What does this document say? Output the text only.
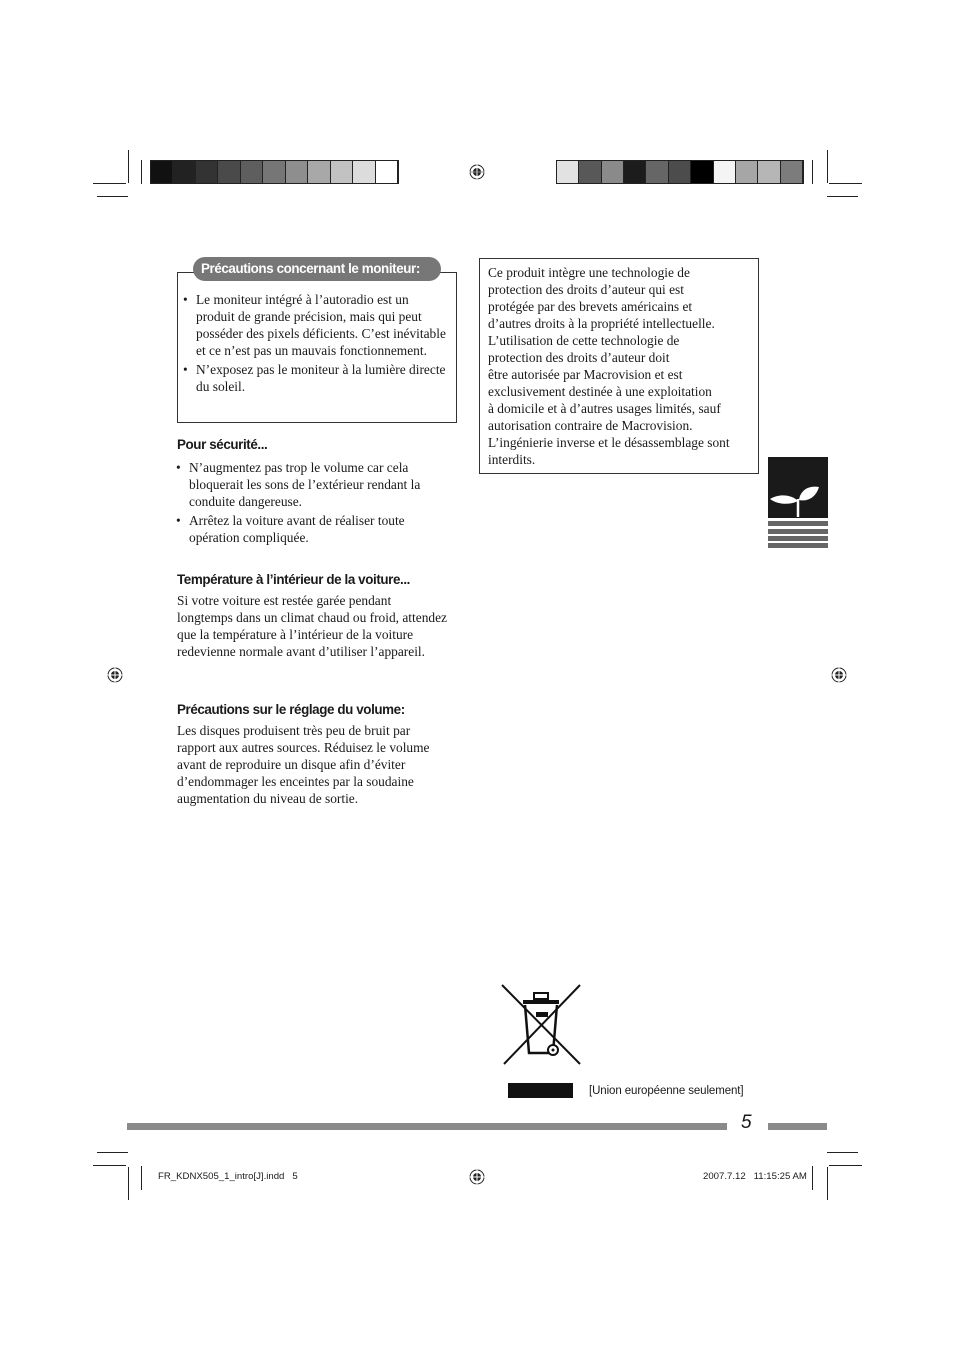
• Le moniteur intégré à l’autoradio est un produit de grande précision, mais qui peut posséder des pixels déficients. C’est inévitable et ce n’est pas un mauvais fonctionnement.
• N’exposez pas le moniteur à la lumière directe du soleil.
Précautions concernant le moniteur:
Pour sécurité...
• N’augmentez pas trop le volume car cela bloquerait les sons de l’extérieur rendant la conduite dangereuse.
• Arrêtez la voiture avant de réaliser toute opération compliquée.
Température à l’intérieur de la voiture...
Si votre voiture est restée garée pendant longtemps dans un climat chaud ou froid, attendez que la température à l’intérieur de la voiture redevienne normale avant d’utiliser l’appareil.
Précautions sur le réglage du volume:
Les disques produisent très peu de bruit par rapport aux autres sources. Réduisez le volume avant de reproduire un disque afin d’éviter d’endommager les enceintes par la soudaine augmentation du niveau de sortie.
Ce produit intègre une technologie de
protection des droits d’auteur qui est
protégée par des brevets américains et
d’autres droits à la propriété intellectuelle.
L’utilisation de cette technologie de
protection des droits d’auteur doit
être autorisée par Macrovision et est
exclusivement destinée à une exploitation
à domicile et à d’autres usages limités, sauf
autorisation contraire de Macrovision.
L’ingénierie inverse et le désassemblage sont
interdits.
[Union européenne seulement]
5
FR_KDNX505_1_intro[J].indd   5	2007.7.12   11:15:25 AM
